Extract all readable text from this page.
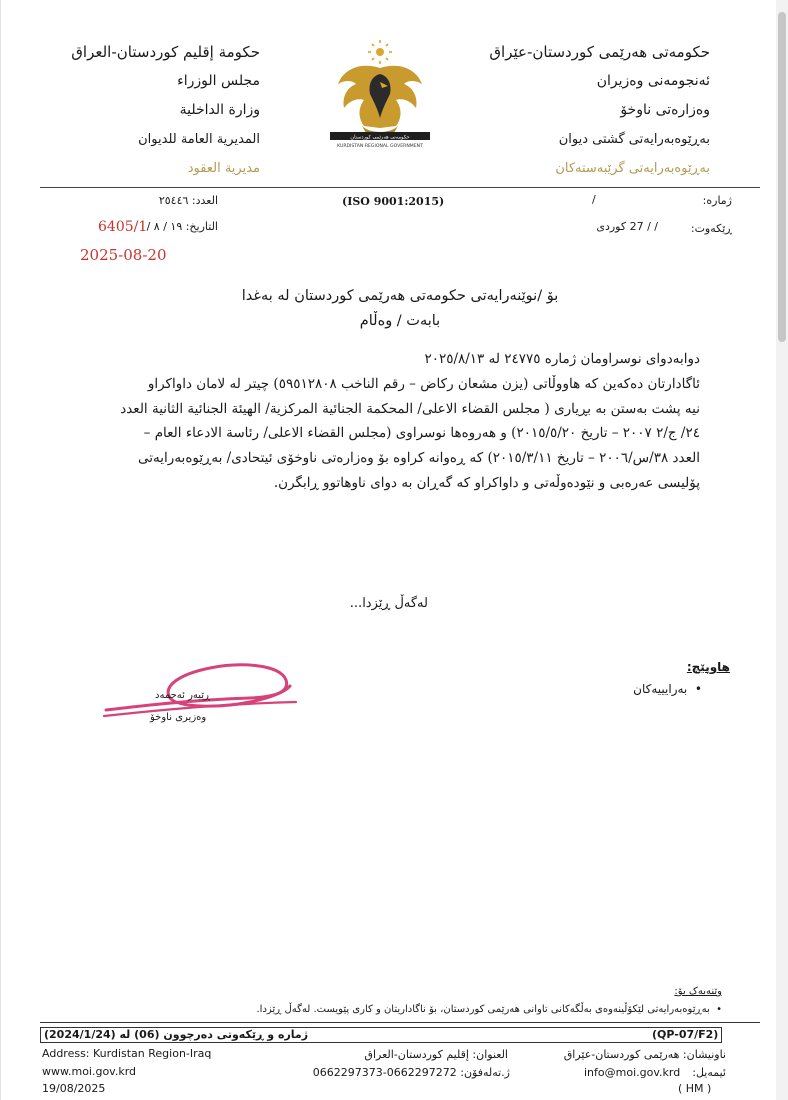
حكومەتی هەرێمی کوردستان-عێراق
ئەنجومەنی وەزیران
وەزارەتی ناوخۆ
بەڕێوەبەرایەتی گشتی دیوان
بەڕێوەبەرایەتی گرێبەستەکان
حكومة إقليم كوردستان-العراق
مجلس الوزراء
وزارة الداخلية
المديرية العامة للديوان
مديرية العقود
حکومەتی هەرێمی کوردستان
KURDISTAN REGIONAL GOVERNMENT
(ISO 9001:2015)	ژمارە:
/
ڕێکەوت:
/ / 27 کوردی
العدد: ٢٥٤٤٦
التاريخ: ١٩ / ٨ /
6405/1
2025-08-20
بۆ /نوێنەرایەتی حکومەتی هەرێمی کوردستان لە بەغدا
بابەت / وەڵام

دوابەدوای نوسراومان ژمارە ٢٤٧٧٥ لە ٢٠٢٥/٨/١٣

ئاگادارتان دەکەین کە هاووڵاتی (یزن مشعان رکاض – رقم الناخب ٥٩٥١٢٨٠٨) چیتر لە لامان داواکراو

نیە پشت بەستن بە بڕیاری ( مجلس القضاء الاعلى/ المحكمة الجنائية المركزية/ الهيئة الجنائية الثانية العدد

٢٤/ ج/٢ ٢٠٠٧ – تاريخ ٢٠١٥/٥/٢٠) و هەروەها نوسراوی (مجلس القضاء الاعلى/ رئاسة الادعاء العام –

العدد ٣٨/س/٢٠٠٦ – تاريخ ٢٠١٥/٣/١١) کە ڕەوانە کراوە بۆ وەزارەتی ناوخۆی ئیتحادی/ بەڕێوەبەرایەتی

پۆلیسی عەرەبی و نێودەوڵەتی و داواکراو کە گەڕان بە دوای ناوهاتوو ڕابگرن.

لەگەڵ ڕێزدا...
هاوپێچ:
•  بەرایییەکان
ڕێبەر ئەحمەد
وەزیری ناوخۆ
وێنەیەک بۆ:
•  بەڕێوەبەرایەتی لێکۆڵینەوەی بەڵگەکانی تاوانی هەرێمی کوردستان، بۆ ناگاداریتان و کاری پێویست. لەگەڵ ڕێزدا.
(QP-07/F2)
ژمارە و ڕێکەوتی دەرچوون (06) لە (2024/1/24)
ناونیشان: هەرێمی کوردستان-عێراق
العنوان: إقليم كوردستان-العراق
Address: Kurdistan Region-Iraq
ئیمەیل:
info@moi.gov.krd
ژ.تەلەفۆن: 0662297272-0662297373
www.moi.gov.krd
19/08/2025	( HM )
